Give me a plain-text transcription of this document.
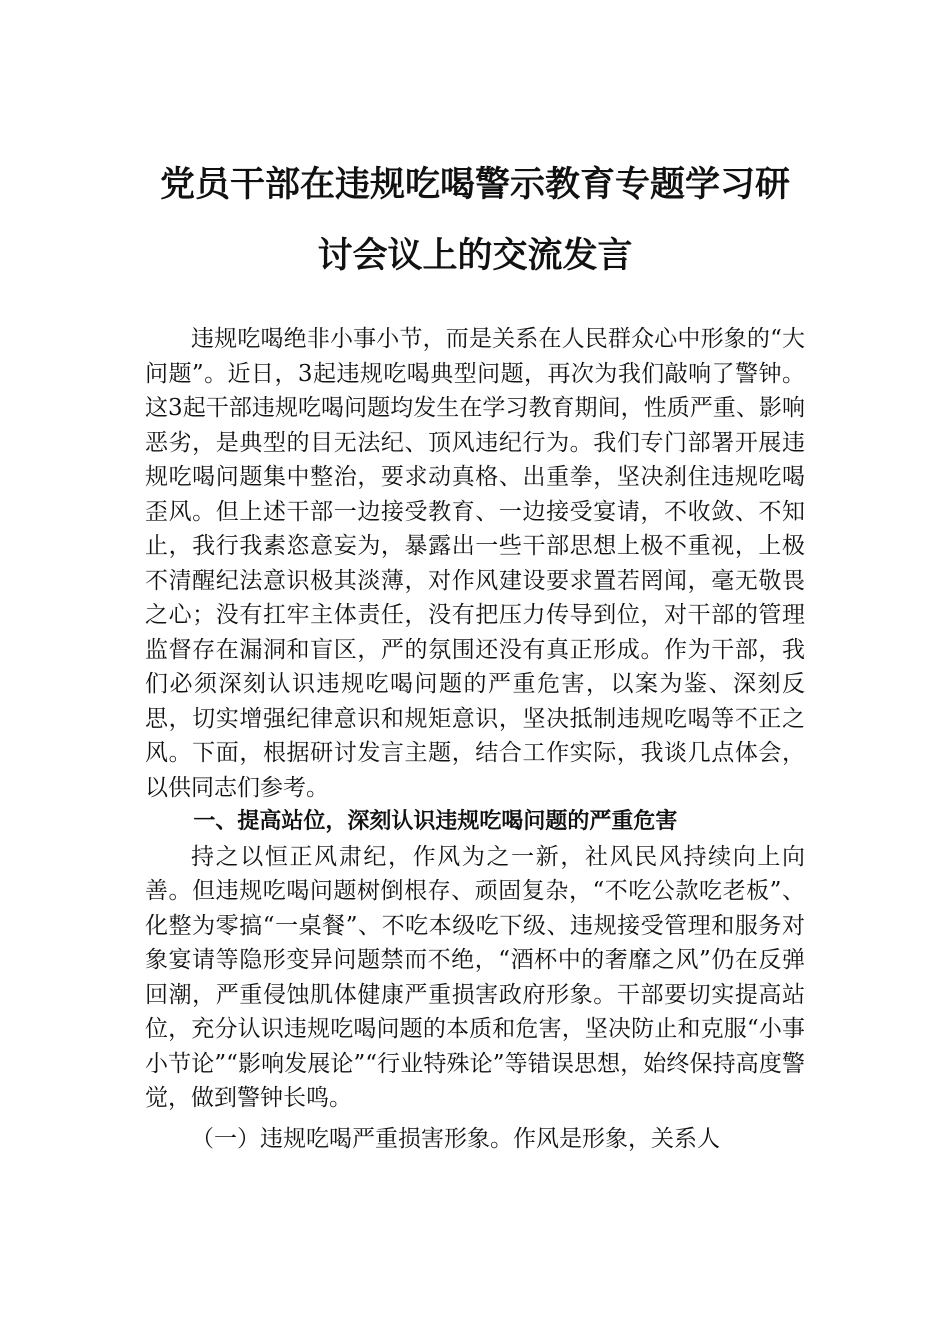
党员干部在违规吃喝警示教育专题学习研
讨会议上的交流发言

违规吃喝绝非小事小节，而是关系在人民群众心中形象的“大问题”。近日，3起违规吃喝典型问题，再次为我们敲响了警钟。这3起干部违规吃喝问题均发生在学习教育期间，性质严重、影响恶劣，是典型的目无法纪、顶风违纪行为。我们专门部署开展违规吃喝问题集中整治，要求动真格、出重拳，坚决刹住违规吃喝歪风。但上述干部一边接受教育、一边接受宴请，不收敛、不知止，我行我素恣意妄为，暴露出一些干部思想上极不重视，上极不清醒纪法意识极其淡薄，对作风建设要求置若罔闻，毫无敬畏之心；没有扛牢主体责任，没有把压力传导到位，对干部的管理监督存在漏洞和盲区，严的氛围还没有真正形成。作为干部，我们必须深刻认识违规吃喝问题的严重危害，以案为鉴、深刻反思，切实增强纪律意识和规矩意识，坚决抵制违规吃喝等不正之风。下面，根据研讨发言主题，结合工作实际，我谈几点体会，以供同志们参考。

一、提高站位，深刻认识违规吃喝问题的严重危害

持之以恒正风肃纪，作风为之一新，社风民风持续向上向善。但违规吃喝问题树倒根存、顽固复杂，“不吃公款吃老板”、化整为零搞“一桌餐”、不吃本级吃下级、违规接受管理和服务对象宴请等隐形变异问题禁而不绝，“酒杯中的奢靡之风”仍在反弹回潮，严重侵蚀肌体健康严重损害政府形象。干部要切实提高站位，充分认识违规吃喝问题的本质和危害，坚决防止和克服“小事小节论”“影响发展论”“行业特殊论”等错误思想，始终保持高度警觉，做到警钟长鸣。

（一）违规吃喝严重损害形象。作风是形象，关系人
